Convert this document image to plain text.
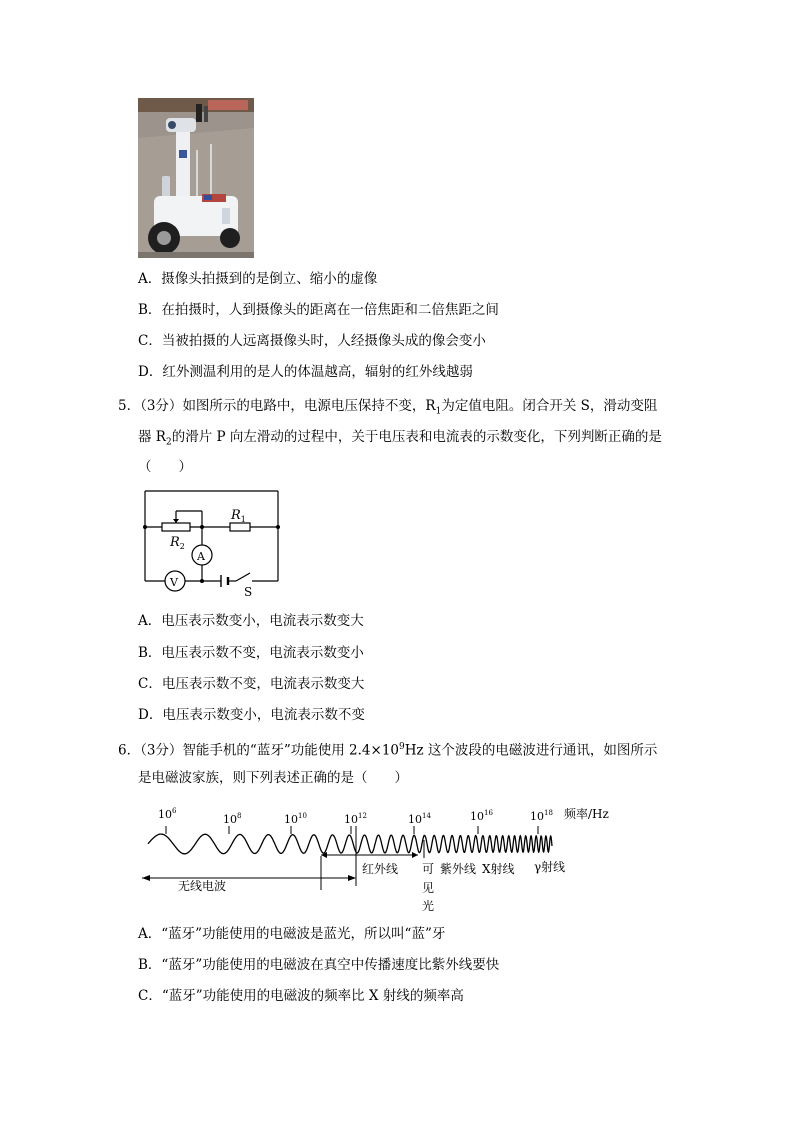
A．摄像头拍摄到的是倒立、缩小的虚像
B．在拍摄时，人到摄像头的距离在一倍焦距和二倍焦距之间
C．当被拍摄的人远离摄像头时，人经摄像头成的像会变小
D．红外测温利用的是人的体温越高，辐射的红外线越弱
5．（3分）如图所示的电路中，电源电压保持不变，$R_1$为定值电阻。闭合开关 S，滑动变阻
器 $R_2$的滑片 P 向左滑动的过程中，关于电压表和电流表的示数变化，下列判断正确的是
（　　）
$R_1$
$R_2$
A
V
S
A．电压表示数变小，电流表示数变大
B．电压表示数不变，电流表示数变小
C．电压表示数不变，电流表示数变大
D．电压表示数变小，电流表示数不变
6．（3分）智能手机的“蓝牙”功能使用 $2.4\times 10^9Hz$ 这个波段的电磁波进行通讯，如图所示
是电磁波家族，则下列表述正确的是（　　）
$10^6$
$10^8$	$10^{10}$	$10^{12}$	$10^{14}$	$10^{16}$	$10^{18}$ 频率/Hz
红外线
无线电波
可
见
光
紫外线 X射线 γ射线
A．“蓝牙”功能使用的电磁波是蓝光，所以叫“蓝”牙
B．“蓝牙”功能使用的电磁波在真空中传播速度比紫外线要快
C．“蓝牙”功能使用的电磁波的频率比 X 射线的频率高
